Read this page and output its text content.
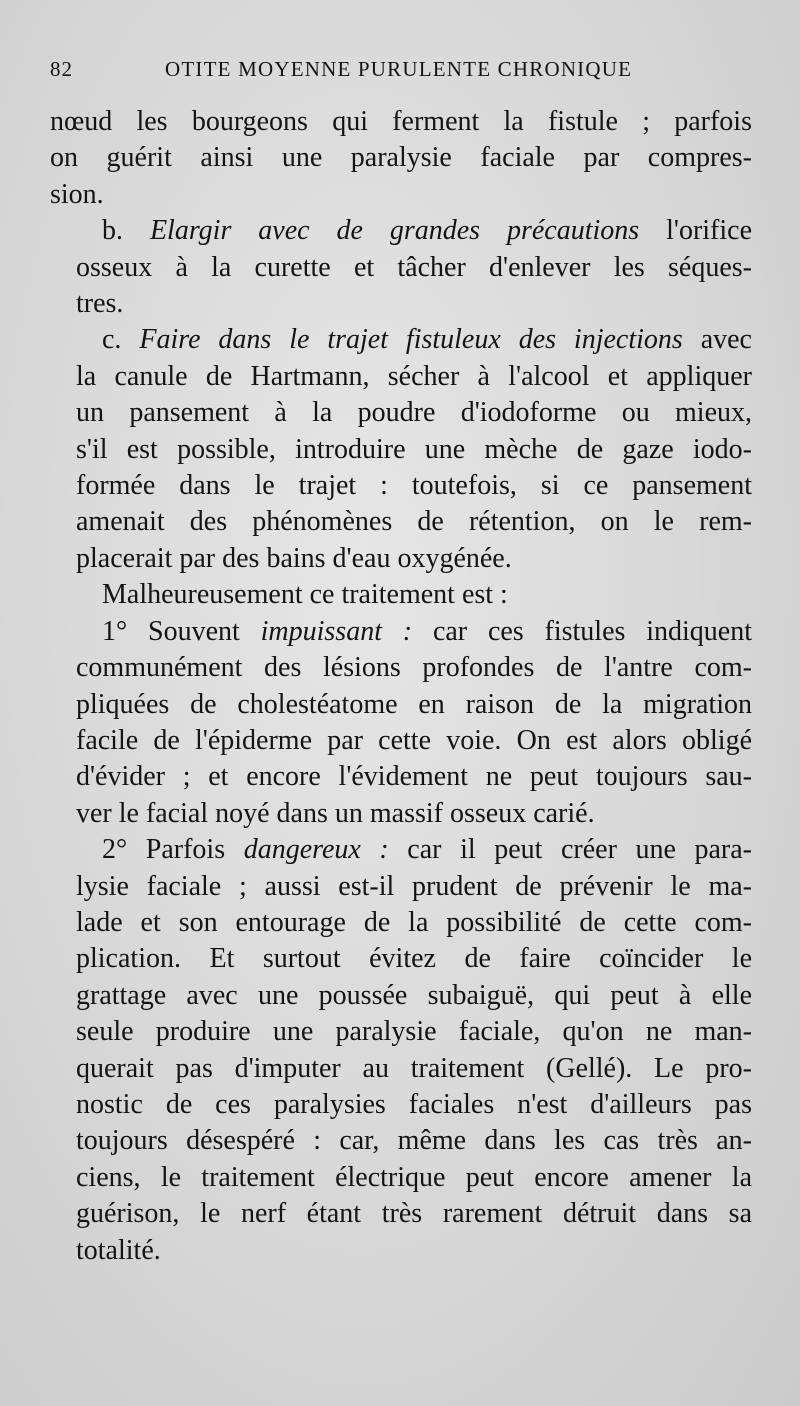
82	OTITE MOYENNE PURULENTE CHRONIQUE
nœud les bourgeons qui ferment la fistule ; parfois
on guérit ainsi une paralysie faciale par compres-
sion.
b. Elargir avec de grandes précautions l'orifice
osseux à la curette et tâcher d'enlever les séques-
tres.
c. Faire dans le trajet fistuleux des injections avec
la canule de Hartmann, sécher à l'alcool et appliquer
un pansement à la poudre d'iodoforme ou mieux,
s'il est possible, introduire une mèche de gaze iodo-
formée dans le trajet : toutefois, si ce pansement
amenait des phénomènes de rétention, on le rem-
placerait par des bains d'eau oxygénée.
Malheureusement ce traitement est :
1° Souvent impuissant : car ces fistules indiquent
communément des lésions profondes de l'antre com-
pliquées de cholestéatome en raison de la migration
facile de l'épiderme par cette voie. On est alors obligé
d'évider ; et encore l'évidement ne peut toujours sau-
ver le facial noyé dans un massif osseux carié.
2° Parfois dangereux : car il peut créer une para-
lysie faciale ; aussi est-il prudent de prévenir le ma-
lade et son entourage de la possibilité de cette com-
plication. Et surtout évitez de faire coïncider le
grattage avec une poussée subaiguë, qui peut à elle
seule produire une paralysie faciale, qu'on ne man-
querait pas d'imputer au traitement (Gellé). Le pro-
nostic de ces paralysies faciales n'est d'ailleurs pas
toujours désespéré : car, même dans les cas très an-
ciens, le traitement électrique peut encore amener la
guérison, le nerf étant très rarement détruit dans sa
totalité.
